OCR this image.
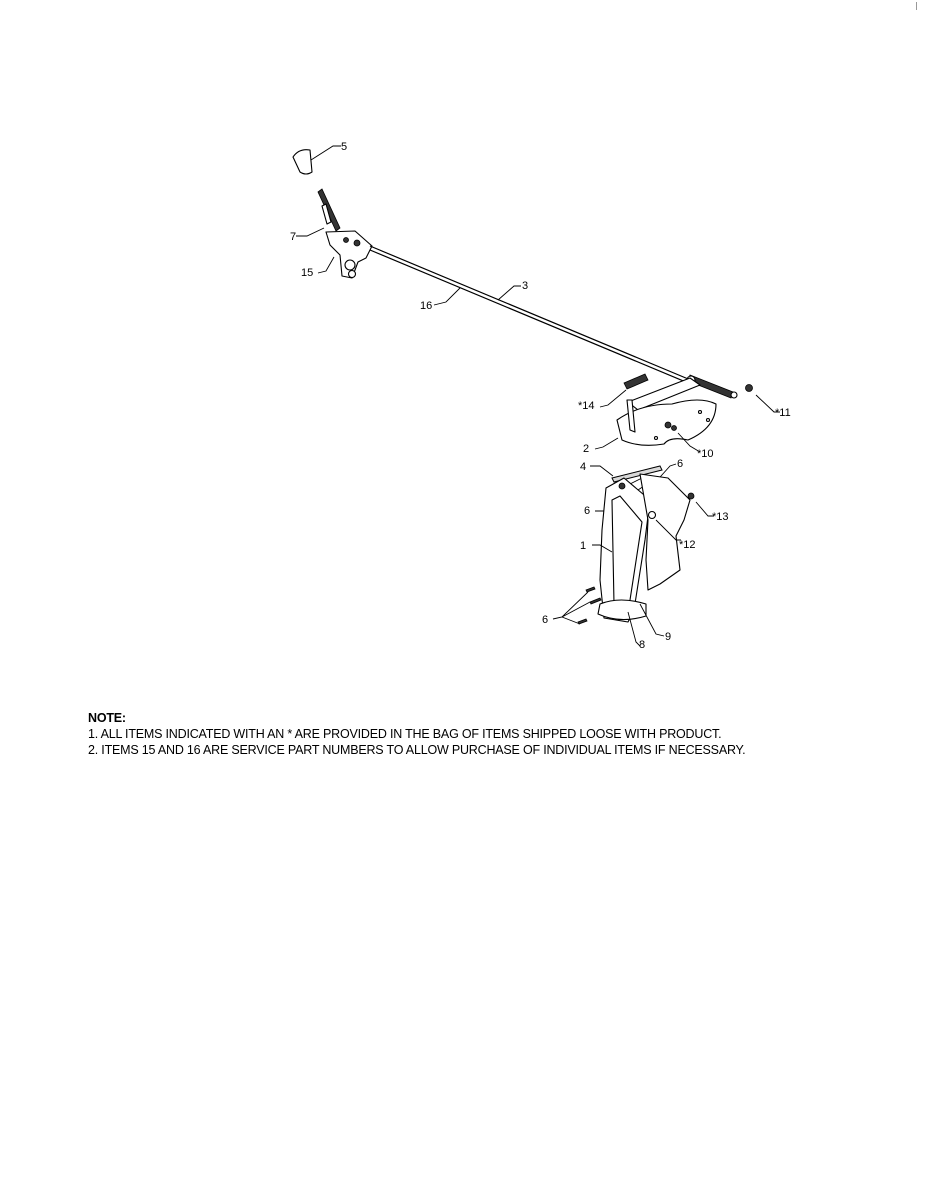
5
7
15
16
3
*14
*11
2	*10
4	6
6	*13
1	*12
6
8
9
NOTE:
1. ALL ITEMS INDICATED WITH AN * ARE PROVIDED IN THE BAG OF ITEMS SHIPPED LOOSE WITH PRODUCT.
2. ITEMS 15 AND 16 ARE SERVICE PART NUMBERS TO ALLOW PURCHASE OF INDIVIDUAL ITEMS IF NECESSARY.
